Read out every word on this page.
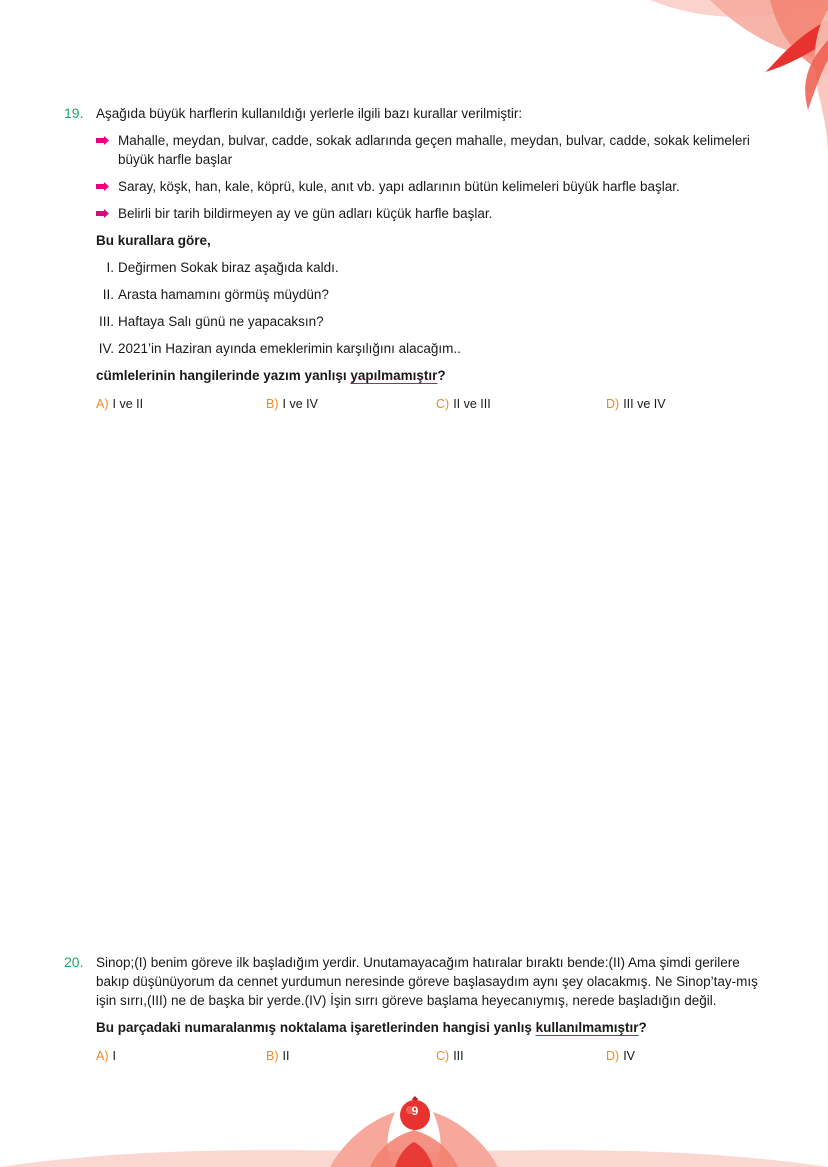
19. Aşağıda büyük harflerin kullanıldığı yerlerle ilgili bazı kurallar verilmiştir:

Mahalle, meydan, bulvar, cadde, sokak adlarında geçen mahalle, meydan, bulvar, cadde, sokak kelimeleri büyük harfle başlar
Saray, köşk, han, kale, köprü, kule, anıt vb. yapı adlarının bütün kelimeleri büyük harfle başlar.
Belirli bir tarih bildirmeyen ay ve gün adları küçük harfle başlar.

Bu kurallara göre,

I. Değirmen Sokak biraz aşağıda kaldı.
II. Arasta hamamını görmüş müydün?
III. Haftaya Salı günü ne yapacaksın?
IV. 2021’in Haziran ayında emeklerimin karşılığını alacağım..

cümlelerinin hangilerinde yazım yanlışı yapılmamıştır?

A) I ve II	B) I ve IV	C) II ve III	D) III ve IV
20. Sinop;(I) benim göreve ilk başladığım yerdir. Unutamayacağım hatıralar bıraktı bende:(II) Ama şimdi gerilere bakıp düşünüyorum da cennet yurdumun neresinde göreve başlasaydım aynı şey olacakmış. Ne Sinop’tay-mış işin sırrı,(III) ne de başka bir yerde.(IV) İşin sırrı göreve başlama heyecanıymış, nerede başladığın değil.

Bu parçadaki numaralanmış noktalama işaretlerinden hangisi yanlış kullanılmamıştır?

A) I	B) II	C) III	D) IV
9
